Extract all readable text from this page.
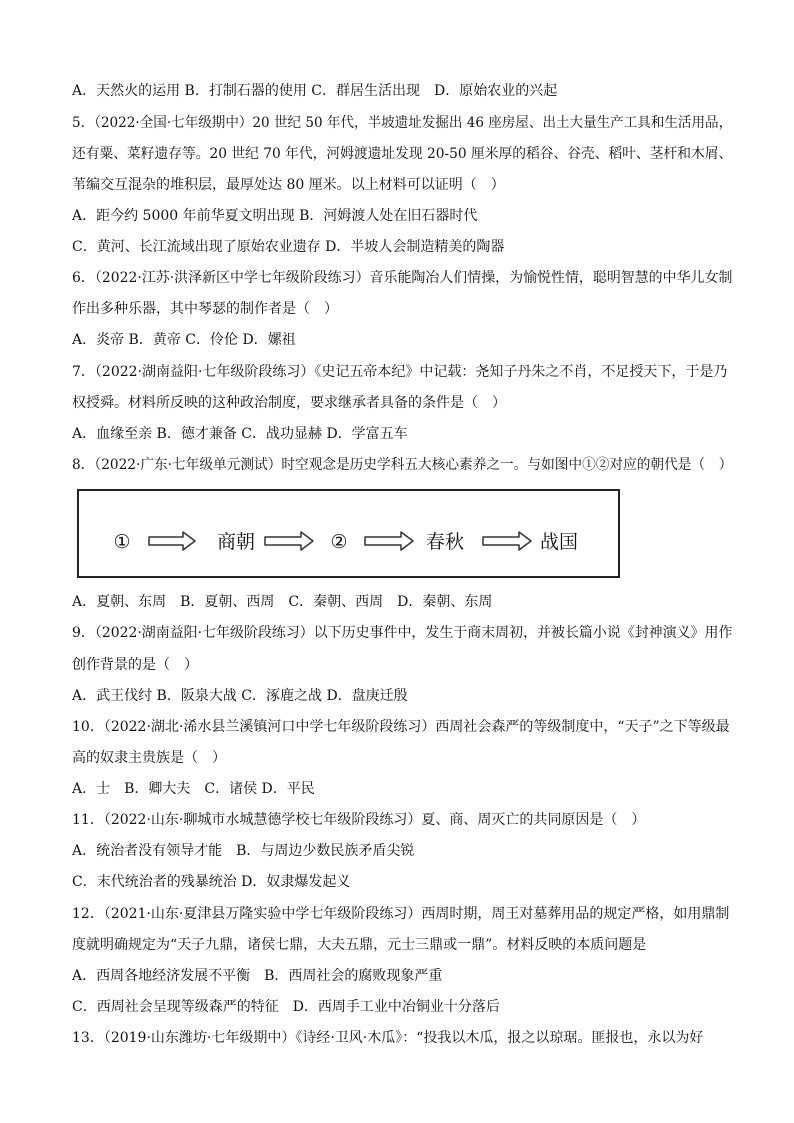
A．天然火的运用 B．打制石器的使用 C．群居生活出现　D．原始农业的兴起
5．（2022·全国·七年级期中）20 世纪 50 年代，半坡遗址发掘出 46 座房屋、出土大量生产工具和生活用品，
还有粟、菜籽遗存等。20 世纪 70 年代，河姆渡遗址发现 20-50 厘米厚的稻谷、谷壳、稻叶、茎杆和木屑、
苇编交互混杂的堆积层，最厚处达 80 厘米。以上材料可以证明（　）
A．距今约 5000 年前华夏文明出现 B．河姆渡人处在旧石器时代
C．黄河、长江流域出现了原始农业遗存 D．半坡人会制造精美的陶器
6．（2022·江苏·洪泽新区中学七年级阶段练习）音乐能陶冶人们情操，为愉悦性情，聪明智慧的中华儿女制
作出多种乐器，其中琴瑟的制作者是（　）
A．炎帝 B．黄帝 C．伶伦 D．嫘祖
7．（2022·湖南益阳·七年级阶段练习）《史记五帝本纪》中记载：尧知子丹朱之不肖，不足授天下，于是乃
权授舜。材料所反映的这种政治制度，要求继承者具备的条件是（　）
A．血缘至亲 B．德才兼备 C．战功显赫 D．学富五车
8．（2022·广东·七年级单元测试）时空观念是历史学科五大核心素养之一。与如图中①②对应的朝代是（　）
①	商朝	②	春秋	战国
A．夏朝、东周　B．夏朝、西周　C．秦朝、西周　D．秦朝、东周
9．（2022·湖南益阳·七年级阶段练习）以下历史事件中，发生于商末周初，并被长篇小说《封神演义》用作
创作背景的是（　）
A．武王伐纣 B．阪泉大战 C．涿鹿之战 D．盘庚迁殷
10．（2022·湖北·浠水县兰溪镇河口中学七年级阶段练习）西周社会森严的等级制度中，“天子”之下等级最
高的奴隶主贵族是（　）
A．士　B．卿大夫　C．诸侯 D．平民
11．（2022·山东·聊城市水城慧德学校七年级阶段练习）夏、商、周灭亡的共同原因是（　）
A．统治者没有领导才能　B．与周边少数民族矛盾尖锐
C．末代统治者的残暴统治 D．奴隶爆发起义
12．（2021·山东·夏津县万隆实验中学七年级阶段练习）西周时期，周王对墓葬用品的规定严格，如用鼎制
度就明确规定为“天子九鼎，诸侯七鼎，大夫五鼎，元士三鼎或一鼎”。材料反映的本质问题是
A．西周各地经济发展不平衡　B．西周社会的腐败现象严重
C．西周社会呈现等级森严的特征　D．西周手工业中冶铜业十分落后
13．（2019·山东潍坊·七年级期中）《诗经·卫风·木瓜》：“投我以木瓜，报之以琼琚。匪报也，永以为好
